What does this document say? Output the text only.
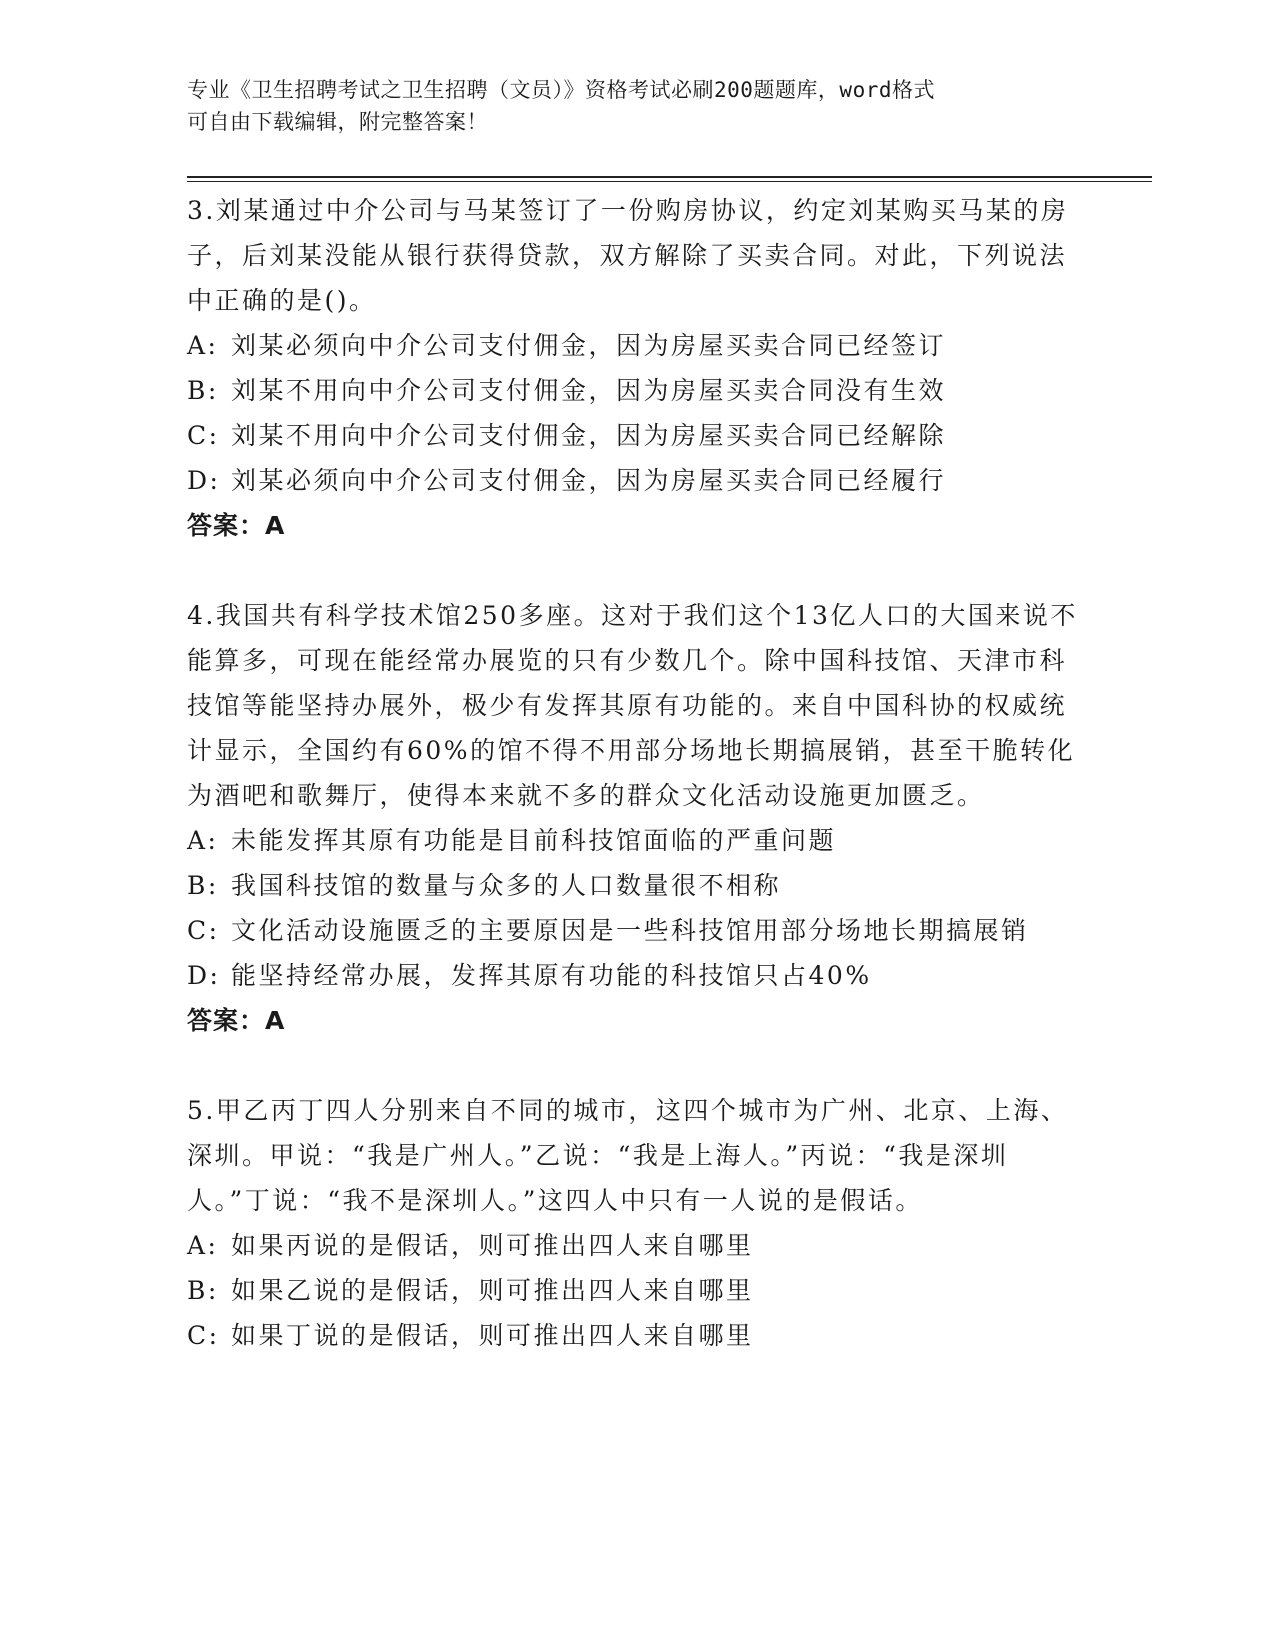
专业《卫生招聘考试之卫生招聘（文员）》资格考试必刷200题题库，word格式
可自由下载编辑，附完整答案！

3.刘某通过中介公司与马某签订了一份购房协议，约定刘某购买马某的房子，后刘某没能从银行获得贷款，双方解除了买卖合同。对此，下列说法中正确的是()。

A: 刘某必须向中介公司支付佣金，因为房屋买卖合同已经签订

B: 刘某不用向中介公司支付佣金，因为房屋买卖合同没有生效

C: 刘某不用向中介公司支付佣金，因为房屋买卖合同已经解除

D: 刘某必须向中介公司支付佣金，因为房屋买卖合同已经履行

答案：A

4.我国共有科学技术馆250多座。这对于我们这个13亿人口的大国来说不能算多，可现在能经常办展览的只有少数几个。除中国科技馆、天津市科技馆等能坚持办展外，极少有发挥其原有功能的。来自中国科协的权威统计显示，全国约有60%的馆不得不用部分场地长期搞展销，甚至干脆转化为酒吧和歌舞厅，使得本来就不多的群众文化活动设施更加匮乏。

A: 未能发挥其原有功能是目前科技馆面临的严重问题

B: 我国科技馆的数量与众多的人口数量很不相称

C: 文化活动设施匮乏的主要原因是一些科技馆用部分场地长期搞展销

D: 能坚持经常办展，发挥其原有功能的科技馆只占40%

答案：A

5.甲乙丙丁四人分别来自不同的城市，这四个城市为广州、北京、上海、深圳。甲说：“我是广州人。”乙说：“我是上海人。”丙说：“我是深圳人。”丁说：“我不是深圳人。”这四人中只有一人说的是假话。

A: 如果丙说的是假话，则可推出四人来自哪里

B: 如果乙说的是假话，则可推出四人来自哪里

C: 如果丁说的是假话，则可推出四人来自哪里
